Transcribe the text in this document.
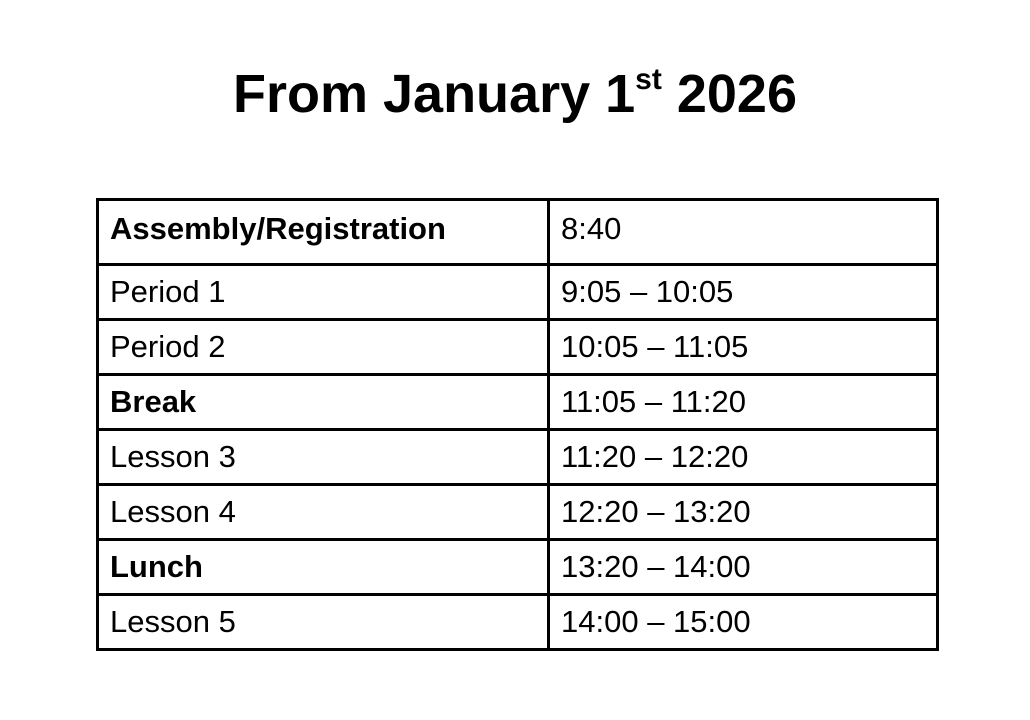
From January 1st 2026
Assembly/Registration	8:40
Period 1	9:05 – 10:05
Period 2	10:05 – 11:05
Break	11:05 – 11:20
Lesson 3	11:20 – 12:20
Lesson 4	12:20 – 13:20
Lunch	13:20 – 14:00
Lesson 5	14:00 – 15:00
